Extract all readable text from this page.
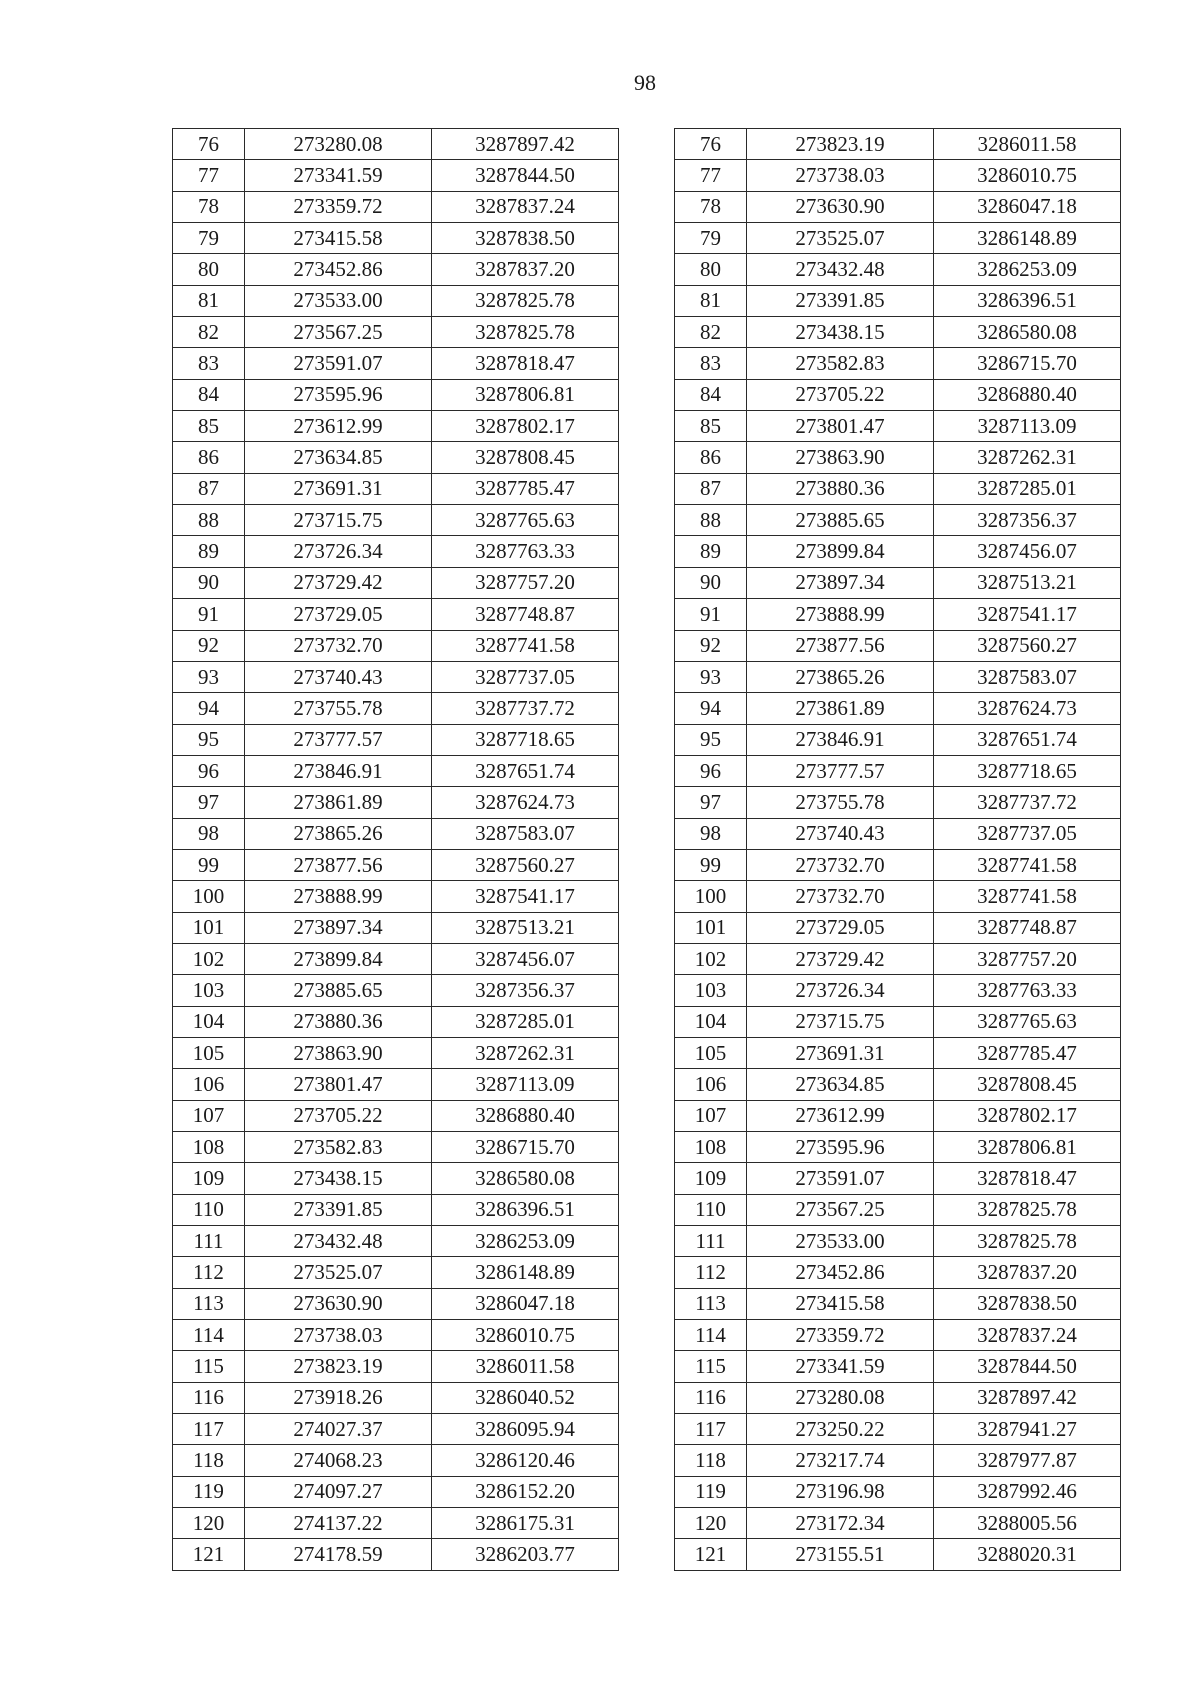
98
76	273280.08	3287897.42		76	273823.19	3286011.58
77	273341.59	3287844.50		77	273738.03	3286010.75
78	273359.72	3287837.24		78	273630.90	3286047.18
79	273415.58	3287838.50		79	273525.07	3286148.89
80	273452.86	3287837.20		80	273432.48	3286253.09
81	273533.00	3287825.78		81	273391.85	3286396.51
82	273567.25	3287825.78		82	273438.15	3286580.08
83	273591.07	3287818.47		83	273582.83	3286715.70
84	273595.96	3287806.81		84	273705.22	3286880.40
85	273612.99	3287802.17		85	273801.47	3287113.09
86	273634.85	3287808.45		86	273863.90	3287262.31
87	273691.31	3287785.47		87	273880.36	3287285.01
88	273715.75	3287765.63		88	273885.65	3287356.37
89	273726.34	3287763.33		89	273899.84	3287456.07
90	273729.42	3287757.20		90	273897.34	3287513.21
91	273729.05	3287748.87		91	273888.99	3287541.17
92	273732.70	3287741.58		92	273877.56	3287560.27
93	273740.43	3287737.05		93	273865.26	3287583.07
94	273755.78	3287737.72		94	273861.89	3287624.73
95	273777.57	3287718.65		95	273846.91	3287651.74
96	273846.91	3287651.74		96	273777.57	3287718.65
97	273861.89	3287624.73		97	273755.78	3287737.72
98	273865.26	3287583.07		98	273740.43	3287737.05
99	273877.56	3287560.27		99	273732.70	3287741.58
100	273888.99	3287541.17		100	273732.70	3287741.58
101	273897.34	3287513.21		101	273729.05	3287748.87
102	273899.84	3287456.07		102	273729.42	3287757.20
103	273885.65	3287356.37		103	273726.34	3287763.33
104	273880.36	3287285.01		104	273715.75	3287765.63
105	273863.90	3287262.31		105	273691.31	3287785.47
106	273801.47	3287113.09		106	273634.85	3287808.45
107	273705.22	3286880.40		107	273612.99	3287802.17
108	273582.83	3286715.70		108	273595.96	3287806.81
109	273438.15	3286580.08		109	273591.07	3287818.47
110	273391.85	3286396.51		110	273567.25	3287825.78
111	273432.48	3286253.09		111	273533.00	3287825.78
112	273525.07	3286148.89		112	273452.86	3287837.20
113	273630.90	3286047.18		113	273415.58	3287838.50
114	273738.03	3286010.75		114	273359.72	3287837.24
115	273823.19	3286011.58		115	273341.59	3287844.50
116	273918.26	3286040.52		116	273280.08	3287897.42
117	274027.37	3286095.94		117	273250.22	3287941.27
118	274068.23	3286120.46		118	273217.74	3287977.87
119	274097.27	3286152.20		119	273196.98	3287992.46
120	274137.22	3286175.31		120	273172.34	3288005.56
121	274178.59	3286203.77		121	273155.51	3288020.31
